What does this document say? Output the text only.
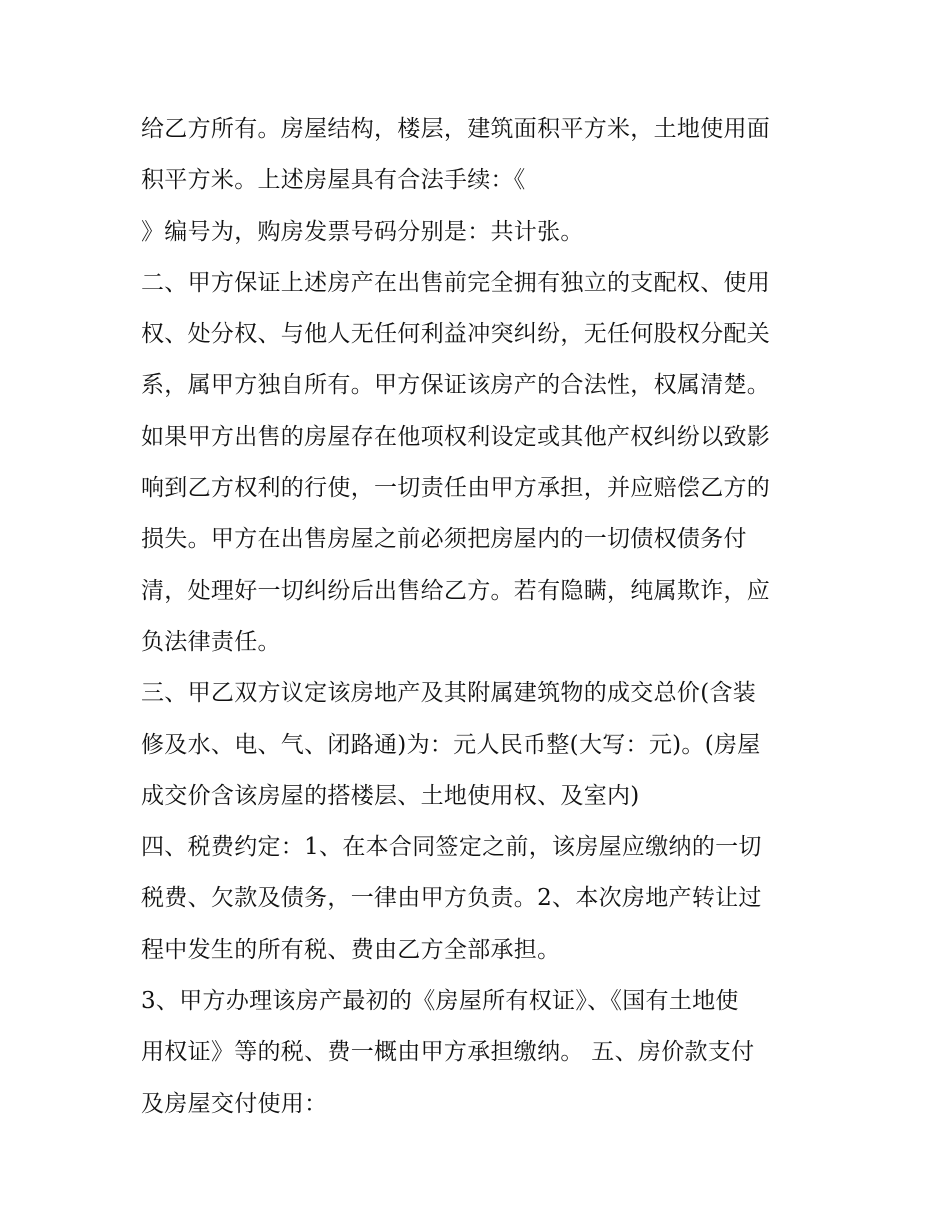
给乙方所有。房屋结构，楼层，建筑面积平方米，土地使用面
积平方米。上述房屋具有合法手续：《
》编号为，购房发票号码分别是：共计张。
二、甲方保证上述房产在出售前完全拥有独立的支配权、使用
权、处分权、与他人无任何利益冲突纠纷，无任何股权分配关
系，属甲方独自所有。甲方保证该房产的合法性，权属清楚。
如果甲方出售的房屋存在他项权利设定或其他产权纠纷以致影
响到乙方权利的行使，一切责任由甲方承担，并应赔偿乙方的
损失。甲方在出售房屋之前必须把房屋内的一切债权债务付
清，处理好一切纠纷后出售给乙方。若有隐瞒，纯属欺诈，应
负法律责任。
三、甲乙双方议定该房地产及其附属建筑物的成交总价(含装
修及水、电、气、闭路通)为：元人民币整(大写：元)。(房屋
成交价含该房屋的搭楼层、土地使用权、及室内)
四、税费约定：1、在本合同签定之前，该房屋应缴纳的一切
税费、欠款及债务，一律由甲方负责。2、本次房地产转让过
程中发生的所有税、费由乙方全部承担。
3、甲方办理该房产最初的《房屋所有权证》、《国有土地使
用权证》等的税、费一概由甲方承担缴纳。 五、房价款支付
及房屋交付使用：
